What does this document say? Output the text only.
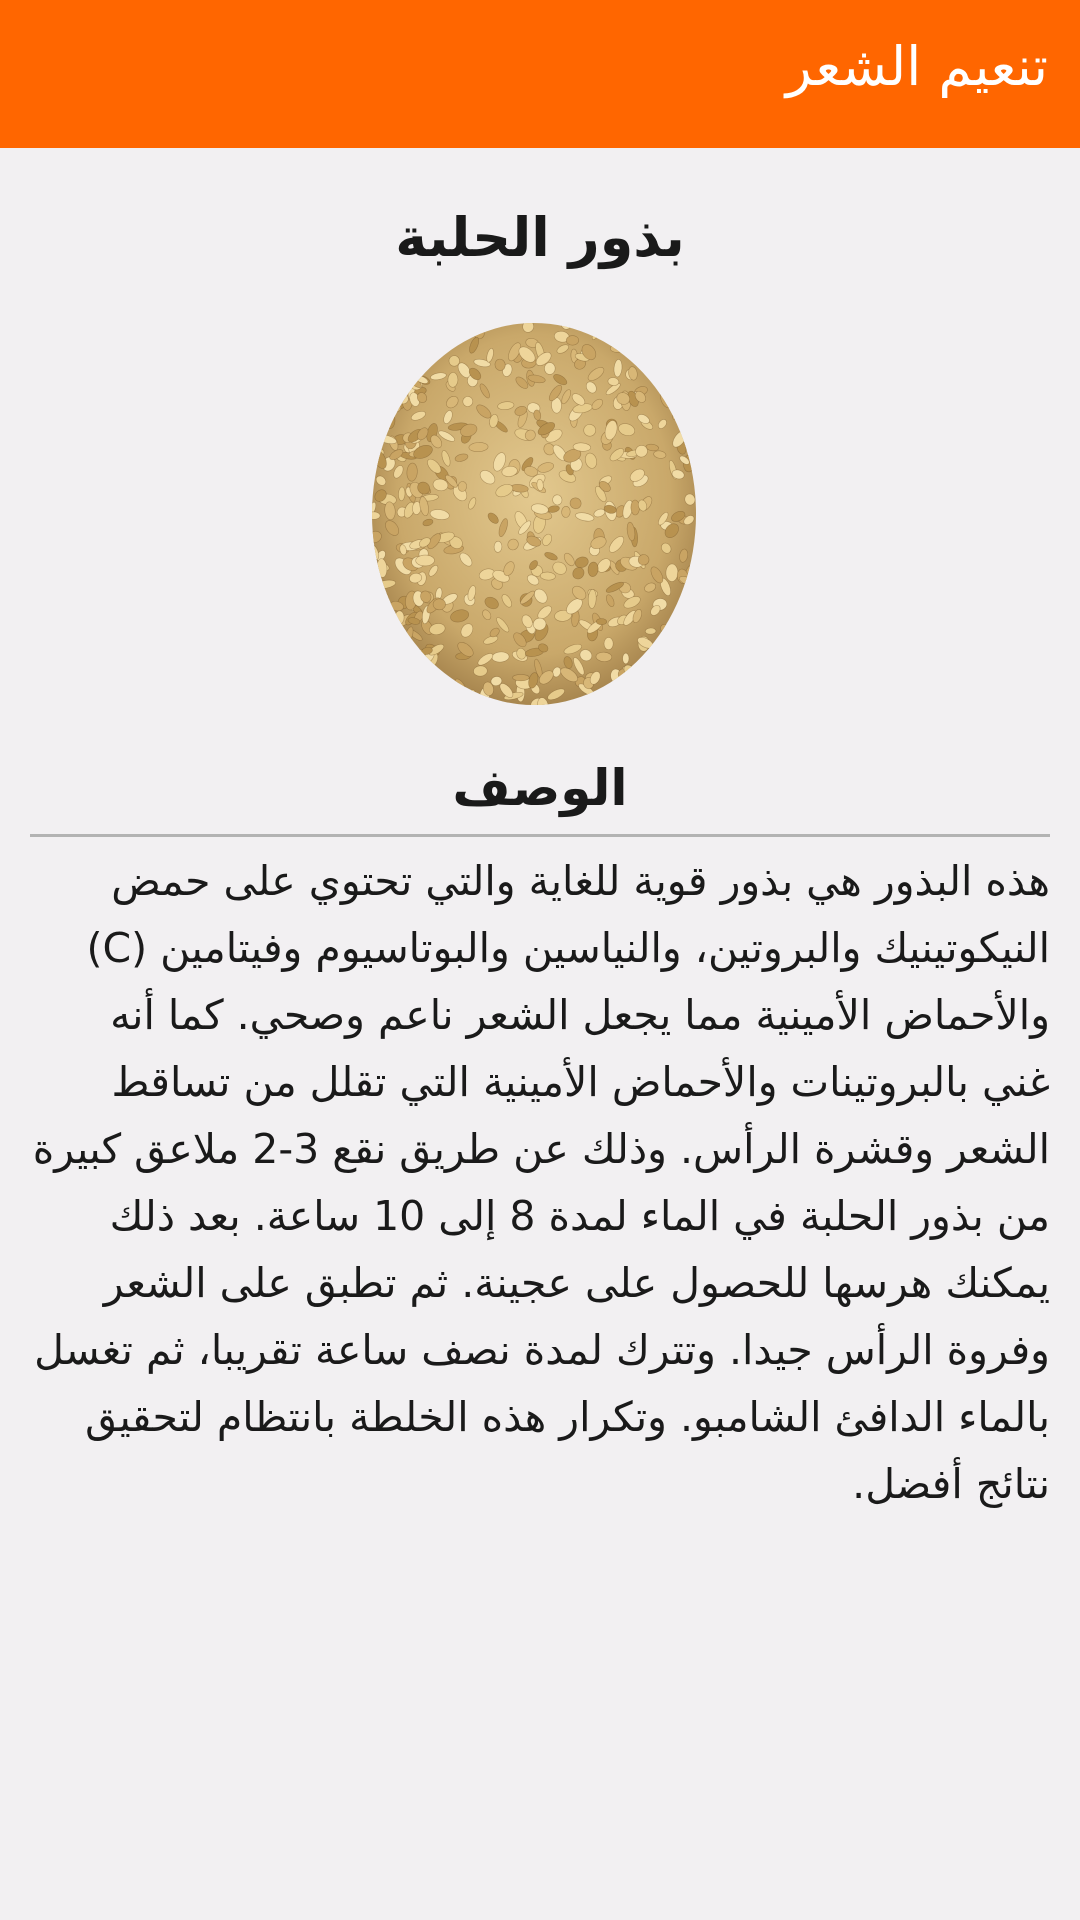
تنعيم الشعر
بذور الحلبة
الوصف
هذه البذور هي بذور قوية للغاية والتي تحتوي على حمض النيكوتينيك والبروتين، والنياسين والبوتاسيوم وفيتامين (C) والأحماض الأمينية مما يجعل الشعر ناعم وصحي. كما أنه غني بالبروتينات والأحماض الأمينية التي تقلل من تساقط الشعر وقشرة الرأس. وذلك عن طريق نقع 3-2 ملاعق كبيرة من بذور الحلبة في الماء لمدة 8 إلى 10 ساعة. بعد ذلك يمكنك هرسها للحصول على عجينة. ثم تطبق على الشعر وفروة الرأس جيدا. وتترك لمدة نصف ساعة تقريبا، ثم تغسل بالماء الدافئ الشامبو. وتكرار هذه الخلطة بانتظام لتحقيق نتائج أفضل.
